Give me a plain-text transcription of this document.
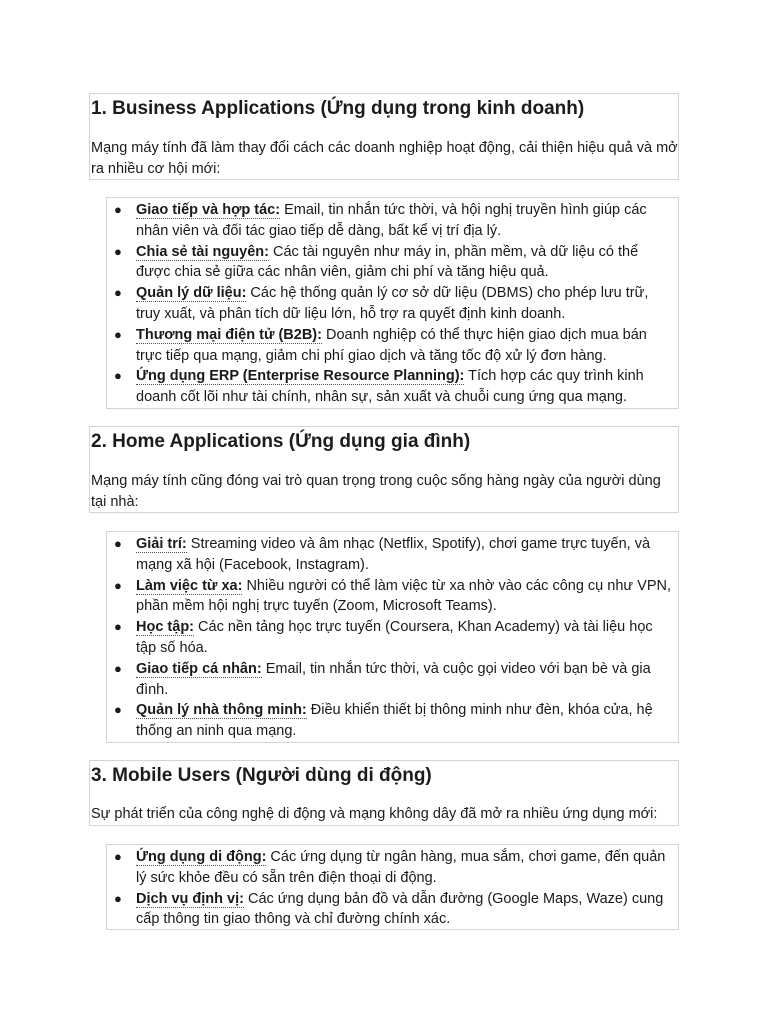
1. Business Applications (Ứng dụng trong kinh doanh)

Mạng máy tính đã làm thay đổi cách các doanh nghiệp hoạt động, cải thiện hiệu quả và mở ra nhiều cơ hội mới:

● Giao tiếp và hợp tác: Email, tin nhắn tức thời, và hội nghị truyền hình giúp các nhân viên và đối tác giao tiếp dễ dàng, bất kể vị trí địa lý.
● Chia sẻ tài nguyên: Các tài nguyên như máy in, phần mềm, và dữ liệu có thể được chia sẻ giữa các nhân viên, giảm chi phí và tăng hiệu quả.
● Quản lý dữ liệu: Các hệ thống quản lý cơ sở dữ liệu (DBMS) cho phép lưu trữ, truy xuất, và phân tích dữ liệu lớn, hỗ trợ ra quyết định kinh doanh.
● Thương mại điện tử (B2B): Doanh nghiệp có thể thực hiện giao dịch mua bán trực tiếp qua mạng, giảm chi phí giao dịch và tăng tốc độ xử lý đơn hàng.
● Ứng dụng ERP (Enterprise Resource Planning): Tích hợp các quy trình kinh doanh cốt lõi như tài chính, nhân sự, sản xuất và chuỗi cung ứng qua mạng.
2. Home Applications (Ứng dụng gia đình)

Mạng máy tính cũng đóng vai trò quan trọng trong cuộc sống hàng ngày của người dùng tại nhà:

● Giải trí: Streaming video và âm nhạc (Netflix, Spotify), chơi game trực tuyến, và mạng xã hội (Facebook, Instagram).
● Làm việc từ xa: Nhiều người có thể làm việc từ xa nhờ vào các công cụ như VPN, phần mềm hội nghị trực tuyến (Zoom, Microsoft Teams).
● Học tập: Các nền tảng học trực tuyến (Coursera, Khan Academy) và tài liệu học tập số hóa.
● Giao tiếp cá nhân: Email, tin nhắn tức thời, và cuộc gọi video với bạn bè và gia đình.
● Quản lý nhà thông minh: Điều khiển thiết bị thông minh như đèn, khóa cửa, hệ thống an ninh qua mạng.
3. Mobile Users (Người dùng di động)

Sự phát triển của công nghệ di động và mạng không dây đã mở ra nhiều ứng dụng mới:

● Ứng dụng di động: Các ứng dụng từ ngân hàng, mua sắm, chơi game, đến quản lý sức khỏe đều có sẵn trên điện thoại di động.
● Dịch vụ định vị: Các ứng dụng bản đồ và dẫn đường (Google Maps, Waze) cung cấp thông tin giao thông và chỉ đường chính xác.
